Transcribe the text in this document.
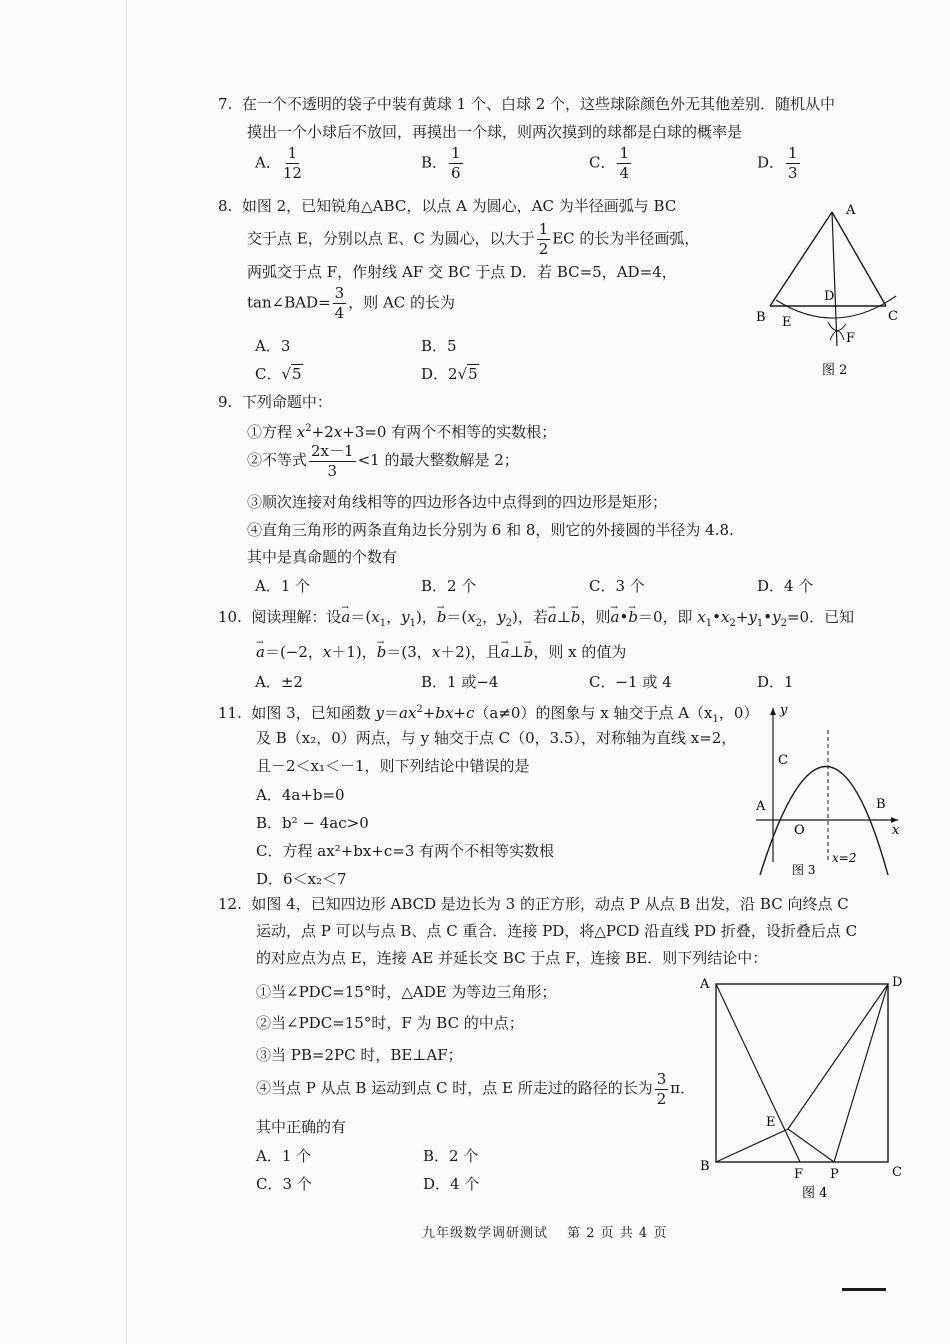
7. 在一个不透明的袋子中装有黄球 1 个、白球 2 个，这些球除颜色外无其他差别．随机从中
摸出一个小球后不放回，再摸出一个球，则两次摸到的球都是白球的概率是
A． $\frac{1}{12}$	B． $\frac{1}{6}$	C． $\frac{1}{4}$	D． $\frac{1}{3}$
8. 如图 2，已知锐角△ABC，以点 A 为圆心，AC 为半径画弧与 BC
交于点 E，分别以点 E、C 为圆心，以大于 $\frac{1}{2}$ EC 的长为半径画弧，
两弧交于点 F，作射线 AF 交 BC 于点 D．若 BC=5，AD=4，
tan∠BAD= $\frac{3}{4}$ ，则 AC 的长为
A．3	B．5
C．√5	D．2√5
A
B	C
D
E
F
图 2
9. 下列命题中：
①方程 $x^2+2x+3=0$ 有两个不相等的实数根；
②不等式 $\frac{2x-1}{3} <1$ 的最大整数解是 2；
③顺次连接对角线相等的四边形各边中点得到的四边形是矩形；
④直角三角形的两条直角边长分别为 6 和 8，则它的外接圆的半径为 4.8.
其中是真命题的个数有
A．1 个	B．2 个	C．3 个	D．4 个
10. 阅读理解：设→ $a=(x_1$，$y_1$)，→ $b=(x_2$，$y_2$)，若→ a⊥→ b，则→ a•→ b＝0，即 $x_1•x_2+y_1•y_2=0$．已知
→ a＝(−2，x＋1)，→ b＝(3，x＋2)，且→ a⊥→ b，则 x 的值为
A．±2	B．1 或−4	C．−1 或 4	D．1
11. 如图 3，已知函数 $y=ax^2+bx+c(a\ne 0)$的图象与 x 轴交于点 $A(x_1$，0）
及 B（x₂，0）两点，与 y 轴交于点 C（0，3.5），对称轴为直线 x=2，
且－2＜x₁＜－1，则下列结论中错误的是
A．4a+b=0
B．b² − 4ac>0
C．方程 ax²+bx+c=3 有两个不相等实数根
D．6＜x₂＜7
y
x
O
A	B
C
图 3
x=2
12. 如图 4，已知四边形 ABCD 是边长为 3 的正方形，动点 P 从点 B 出发，沿 BC 向终点 C
运动，点 P 可以与点 B、点 C 重合．连接 PD，将△PCD 沿直线 PD 折叠，设折叠后点 C
的对应点为点 E，连接 AE 并延长交 BC 于点 F，连接 BE．则下列结论中：
①当∠PDC=15°时，△ADE 为等边三角形；
②当∠PDC=15°时，F 为 BC 的中点；
③当 PB=2PC 时，BE⊥AF；
④当点 P 从点 B 运动到点 C 时，点 E 所走过的路径的长为 $\frac{3}{2}$ π．
其中正确的有
A．1 个	B．2 个
C．3 个	D．4 个
A	D
B	C
E
F P
图 4
九年级数学调研测试　 第 2 页 共 4 页
